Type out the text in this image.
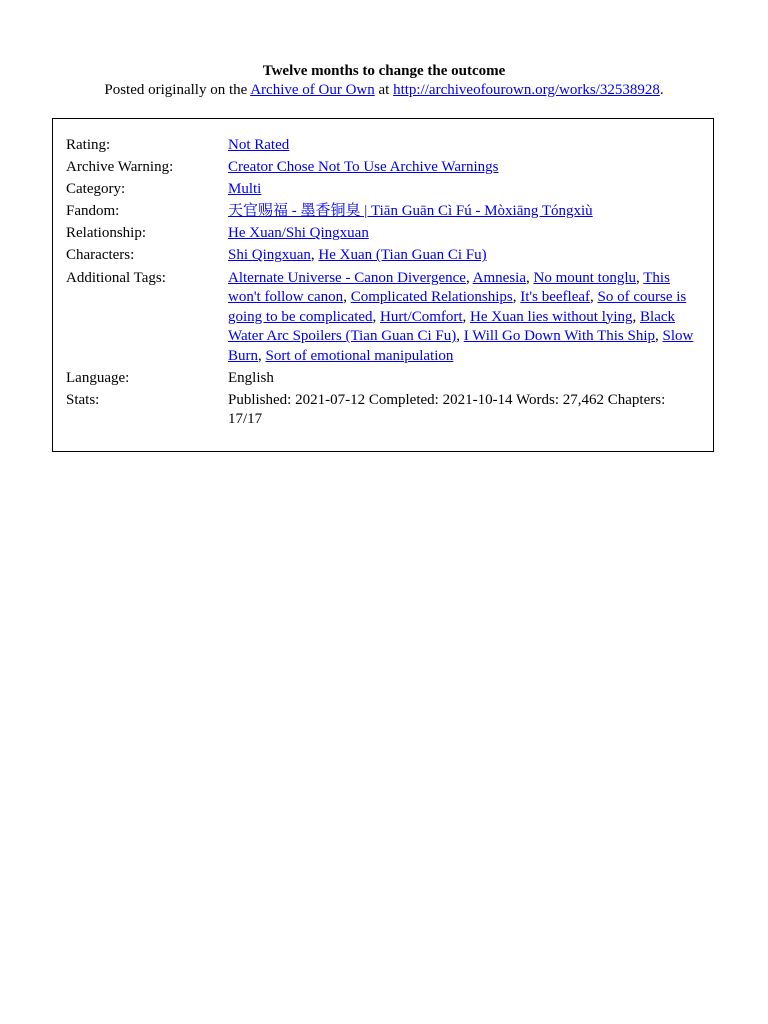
Twelve months to change the outcome
Posted originally on the Archive of Our Own at http://archiveofourown.org/works/32538928.
Rating:	Not Rated
Archive Warning:	Creator Chose Not To Use Archive Warnings
Category:	Multi
Fandom:	天官赐福 - 墨香铜臭 | Tiān Guān Cì Fú - Mòxiāng Tóngxiù
Relationship:	He Xuan/Shi Qingxuan
Characters:	Shi Qingxuan, He Xuan (Tian Guan Ci Fu)
Additional Tags:	Alternate Universe - Canon Divergence, Amnesia, No mount tonglu, This won't follow canon, Complicated Relationships, It's beefleaf, So of course is going to be complicated, Hurt/Comfort, He Xuan lies without lying, Black Water Arc Spoilers (Tian Guan Ci Fu), I Will Go Down With This Ship, Slow Burn, Sort of emotional manipulation
Language:	English
Stats:	Published: 2021-07-12 Completed: 2021-10-14 Words: 27,462 Chapters: 17/17
